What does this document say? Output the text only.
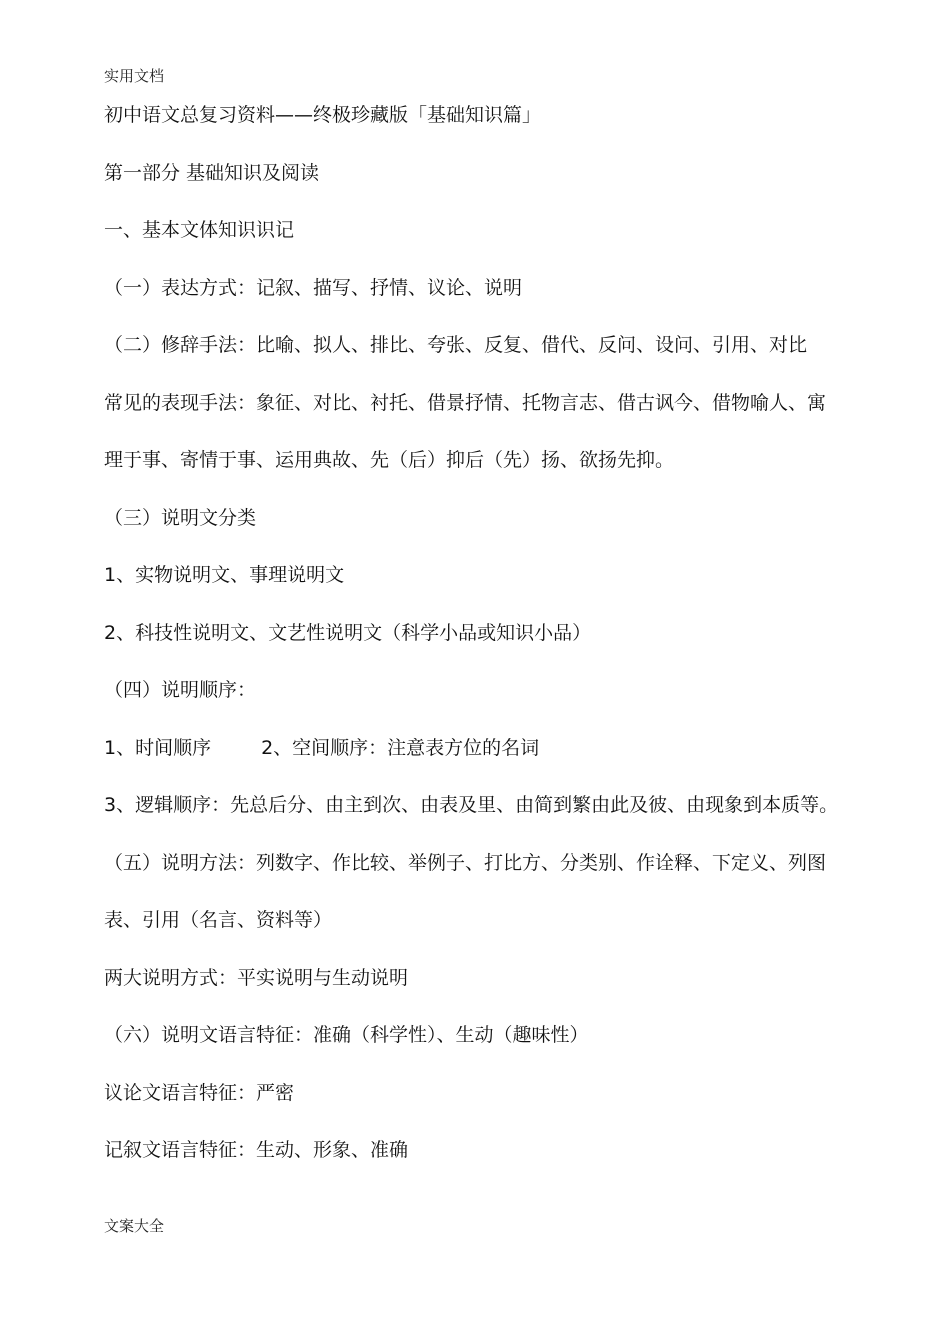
实用文档
初中语文总复习资料——终极珍藏版「基础知识篇」
第一部分 基础知识及阅读
一、基本文体知识识记
（一）表达方式：记叙、描写、抒情、议论、说明
（二）修辞手法：比喻、拟人、排比、夸张、反复、借代、反问、设问、引用、对比
常见的表现手法：象征、对比、衬托、借景抒情、托物言志、借古讽今、借物喻人、寓
理于事、寄情于事、运用典故、先（后）抑后（先）扬、欲扬先抑。
（三）说明文分类
1、实物说明文、事理说明文
2、科技性说明文、文艺性说明文（科学小品或知识小品）
（四）说明顺序：
1、时间顺序	2、空间顺序：注意表方位的名词
3、逻辑顺序：先总后分、由主到次、由表及里、由简到繁由此及彼、由现象到本质等。
（五）说明方法：列数字、作比较、举例子、打比方、分类别、作诠释、下定义、列图
表、引用（名言、资料等）
两大说明方式：平实说明与生动说明
（六）说明文语言特征：准确（科学性）、生动（趣味性）
议论文语言特征：严密
记叙文语言特征：生动、形象、准确
文案大全
